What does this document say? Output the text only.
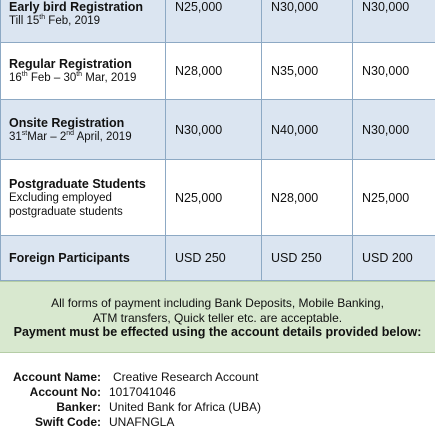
Early bird Registration
Till 15th Feb, 2019	N25,000	N30,000	N30,000

Regular Registration
16th Feb – 30th Mar, 2019	N28,000	N35,000	N30,000

Onsite Registration
31stMar – 2nd April, 2019	N30,000	N40,000	N30,000

Postgraduate Students
Excluding employed
postgraduate students	N25,000	N28,000	N25,000

Foreign Participants	USD 250	USD 250	USD 200
All forms of payment including Bank Deposits, Mobile Banking,
ATM transfers, Quick teller etc. are acceptable.
Payment must be effected using the account details provided below:
Account Name: Creative Research Account
Account No: 1017041046
Banker: United Bank for Africa (UBA)
Swift Code: UNAFNGLA
